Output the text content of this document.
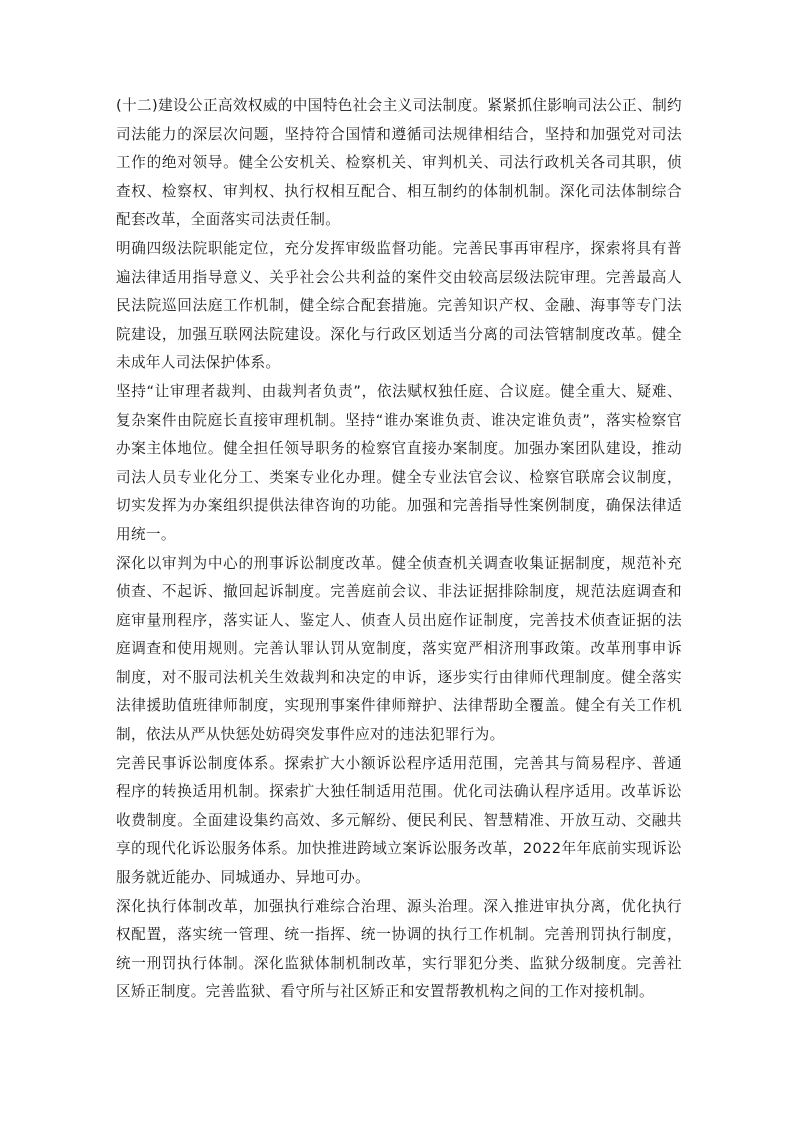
(十二)建设公正高效权威的中国特色社会主义司法制度。紧紧抓住影响司法公正、制约司法能力的深层次问题，坚持符合国情和遵循司法规律相结合，坚持和加强党对司法工作的绝对领导。健全公安机关、检察机关、审判机关、司法行政机关各司其职，侦查权、检察权、审判权、执行权相互配合、相互制约的体制机制。深化司法体制综合配套改革，全面落实司法责任制。

明确四级法院职能定位，充分发挥审级监督功能。完善民事再审程序，探索将具有普遍法律适用指导意义、关乎社会公共利益的案件交由较高层级法院审理。完善最高人民法院巡回法庭工作机制，健全综合配套措施。完善知识产权、金融、海事等专门法院建设，加强互联网法院建设。深化与行政区划适当分离的司法管辖制度改革。健全未成年人司法保护体系。

坚持“让审理者裁判、由裁判者负责”，依法赋权独任庭、合议庭。健全重大、疑难、复杂案件由院庭长直接审理机制。坚持“谁办案谁负责、谁决定谁负责”，落实检察官办案主体地位。健全担任领导职务的检察官直接办案制度。加强办案团队建设，推动司法人员专业化分工、类案专业化办理。健全专业法官会议、检察官联席会议制度，切实发挥为办案组织提供法律咨询的功能。加强和完善指导性案例制度，确保法律适用统一。

深化以审判为中心的刑事诉讼制度改革。健全侦查机关调查收集证据制度，规范补充侦查、不起诉、撤回起诉制度。完善庭前会议、非法证据排除制度，规范法庭调查和庭审量刑程序，落实证人、鉴定人、侦查人员出庭作证制度，完善技术侦查证据的法庭调查和使用规则。完善认罪认罚从宽制度，落实宽严相济刑事政策。改革刑事申诉制度，对不服司法机关生效裁判和决定的申诉，逐步实行由律师代理制度。健全落实法律援助值班律师制度，实现刑事案件律师辩护、法律帮助全覆盖。健全有关工作机制，依法从严从快惩处妨碍突发事件应对的违法犯罪行为。

完善民事诉讼制度体系。探索扩大小额诉讼程序适用范围，完善其与简易程序、普通程序的转换适用机制。探索扩大独任制适用范围。优化司法确认程序适用。改革诉讼收费制度。全面建设集约高效、多元解纷、便民利民、智慧精准、开放互动、交融共享的现代化诉讼服务体系。加快推进跨域立案诉讼服务改革，2022年年底前实现诉讼服务就近能办、同城通办、异地可办。

深化执行体制改革，加强执行难综合治理、源头治理。深入推进审执分离，优化执行权配置，落实统一管理、统一指挥、统一协调的执行工作机制。完善刑罚执行制度，统一刑罚执行体制。深化监狱体制机制改革，实行罪犯分类、监狱分级制度。完善社区矫正制度。完善监狱、看守所与社区矫正和安置帮教机构之间的工作对接机制。
